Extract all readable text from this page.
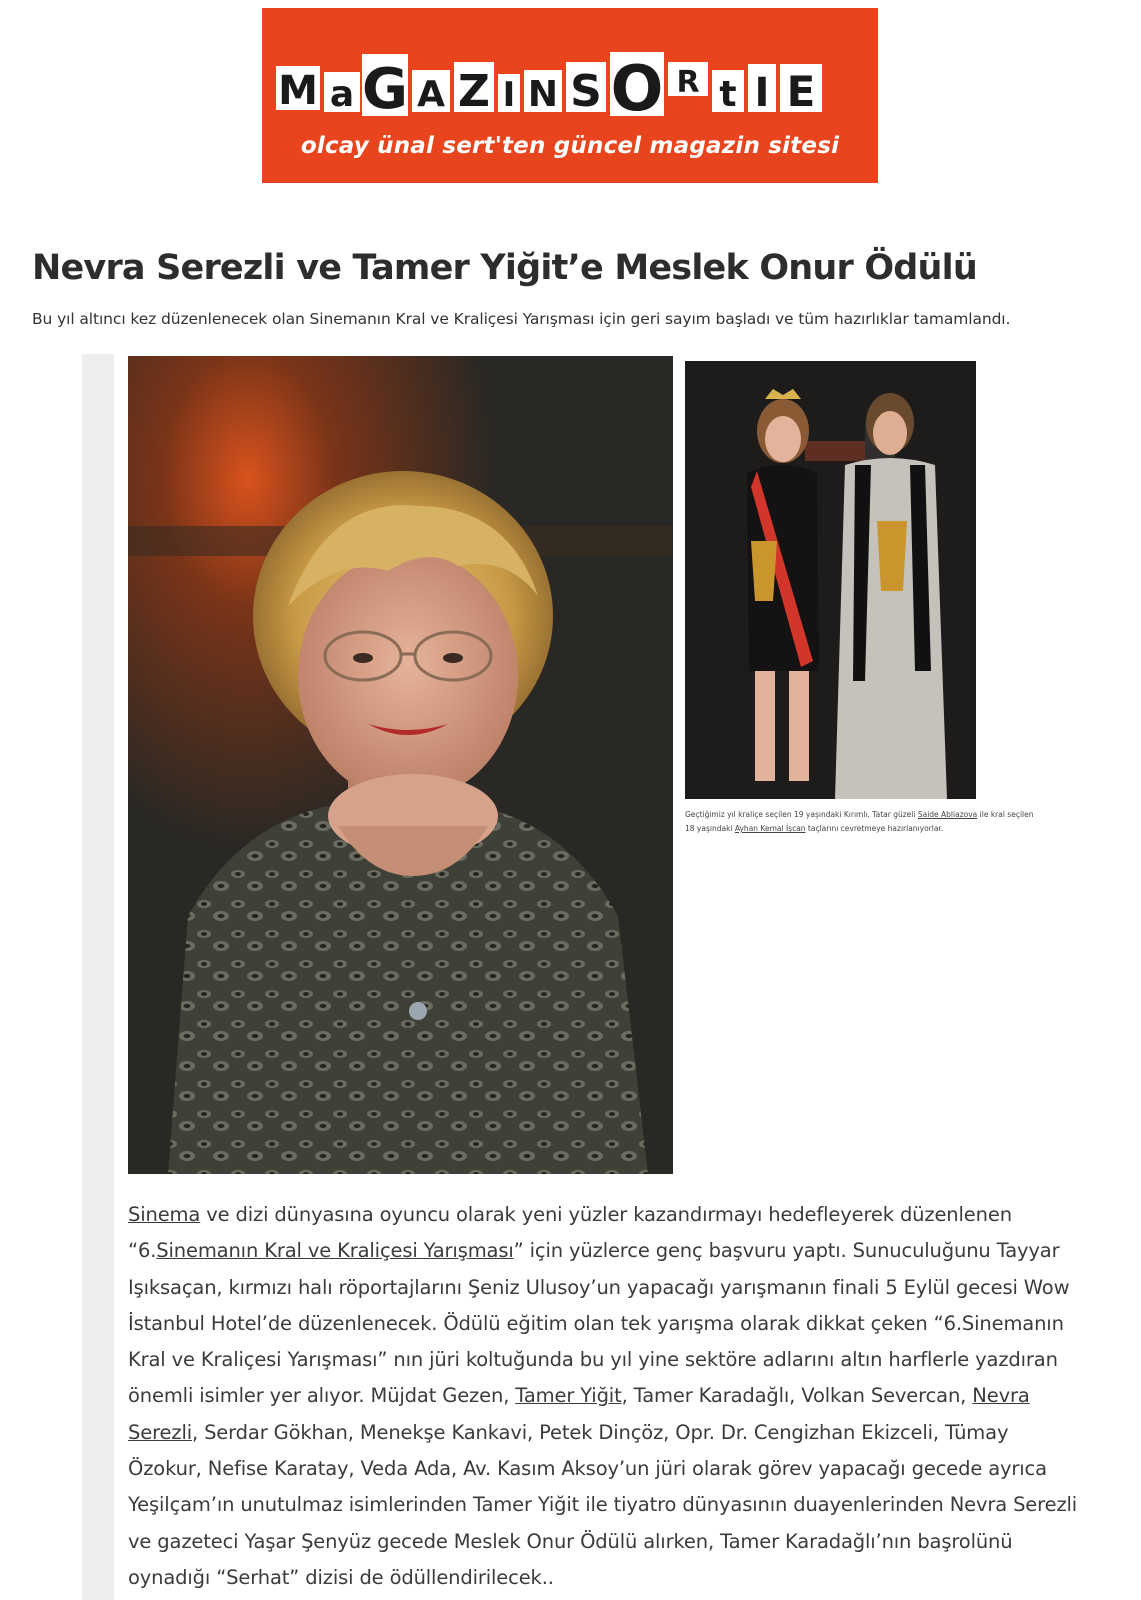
M a G A Z I N S O R t I E
olcay ünal sert'ten güncel magazin sitesi
Nevra Serezli ve Tamer Yiğit’e Meslek Onur Ödülü

Bu yıl altıncı kez düzenlenecek olan Sinemanın Kral ve Kraliçesi Yarışması için geri sayım başladı ve tüm hazırlıklar tamamlandı.

Geçtiğimiz yıl kraliçe seçilen 19 yaşındaki Kırımlı, Tatar güzeli Saide Abliazova ile kral seçilen 18 yaşındaki Ayhan Kemal İşcan taçlarını cevretmeye hazırlanıyorlar.

Sinema ve dizi dünyasına oyuncu olarak yeni yüzler kazandırmayı hedefleyerek düzenlenen “6.Sinemanın Kral ve Kraliçesi Yarışması” için yüzlerce genç başvuru yaptı. Sunuculuğunu Tayyar Işıksaçan, kırmızı halı röportajlarını Şeniz Ulusoy’un yapacağı yarışmanın finali 5 Eylül gecesi Wow İstanbul Hotel’de düzenlenecek. Ödülü eğitim olan tek yarışma olarak dikkat çeken “6.Sinemanın Kral ve Kraliçesi Yarışması” nın jüri koltuğunda bu yıl yine sektöre adlarını altın harflerle yazdıran önemli isimler yer alıyor. Müjdat Gezen, Tamer Yiğit, Tamer Karadağlı, Volkan Severcan, Nevra Serezli, Serdar Gökhan, Menekşe Kankavi, Petek Dinçöz, Opr. Dr. Cengizhan Ekizceli, Tümay Özokur, Nefise Karatay, Veda Ada, Av. Kasım Aksoy’un jüri olarak görev yapacağı gecede ayrıca Yeşilçam’ın unutulmaz isimlerinden Tamer Yiğit ile tiyatro dünyasının duayenlerinden Nevra Serezli ve gazeteci Yaşar Şenyüz gecede Meslek Onur Ödülü alırken, Tamer Karadağlı’nın başrolünü oynadığı “Serhat” dizisi de ödüllendirilecek..
